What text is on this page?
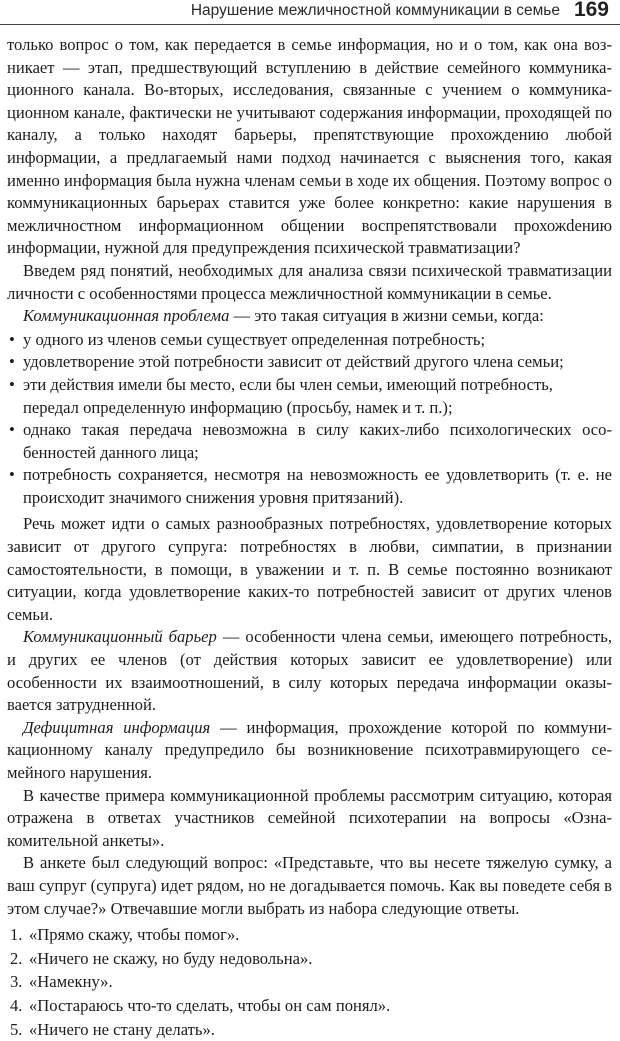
Нарушение межличностной коммуникации в семье 169

только вопрос о том, как передается в семье информация, но и о том, как она возникает — этап, предшествующий вступлению в действие семейного коммуникационного канала. Во-вторых, исследования, связанные с учением о коммуникационном канале, фактически не учитывают содержания информации, проходящей по каналу, а только находят барьеры, препятствующие прохождению любой информации, а предлагаемый нами подход начинается с выяснения того, какая именно информация была нужна членам семьи в ходе их общения. Поэтому вопрос о коммуникационных барьерах ставится уже более конкретно: какие нарушения в межличностном информационном общении воспрепятствовали прохожdению информации, нужной для предупреждения психической травматизации?

Введем ряд понятий, необходимых для анализа связи психической травматизации личности с особенностями процесса межличностной коммуникации в семье.

Коммуникационная проблема — это такая ситуация в жизни семьи, когда:

• у одного из членов семьи существует определенная потребность;
• удовлетворение этой потребности зависит от действий другого члена семьи;
• эти действия имели бы место, если бы член семьи, имеющий потребность, передал определенную информацию (просьбу, намек и т. п.);
• однако такая передача невозможна в силу каких-либо психологических особенностей данного лица;
• потребность сохраняется, несмотря на невозможность ее удовлетворить (т. е. не происходит значимого снижения уровня притязаний).

Речь может идти о самых разнообразных потребностях, удовлетворение которых зависит от другого супруга: потребностях в любви, симпатии, в признании самостоятельности, в помощи, в уважении и т. п. В семье постоянно возникают ситуации, когда удовлетворение каких-то потребностей зависит от других членов семьи.

Коммуникационный барьер — особенности члена семьи, имеющего потребность, и других ее членов (от действия которых зависит ее удовлетворение) или особенности их взаимоотношений, в силу которых передача информации оказывается затрудненной.

Дефицитная информация — информация, прохождение которой по коммуникационному каналу предупредило бы возникновение психотравмирующего семейного нарушения.

В качестве примера коммуникационной проблемы рассмотрим ситуацию, которая отражена в ответах участников семейной психотерапии на вопросы «Ознакомительной анкеты».

В анкете был следующий вопрос: «Представьте, что вы несете тяжелую сумку, а ваш супруг (супруга) идет рядом, но не догадывается помочь. Как вы поведете себя в этом случае?» Отвечавшие могли выбрать из набора следующие ответы.

1. «Прямо скажу, чтобы помог».
2. «Ничего не скажу, но буду недовольна».
3. «Намекну».
4. «Постараюсь что-то сделать, чтобы он сам понял».
5. «Ничего не стану делать».
